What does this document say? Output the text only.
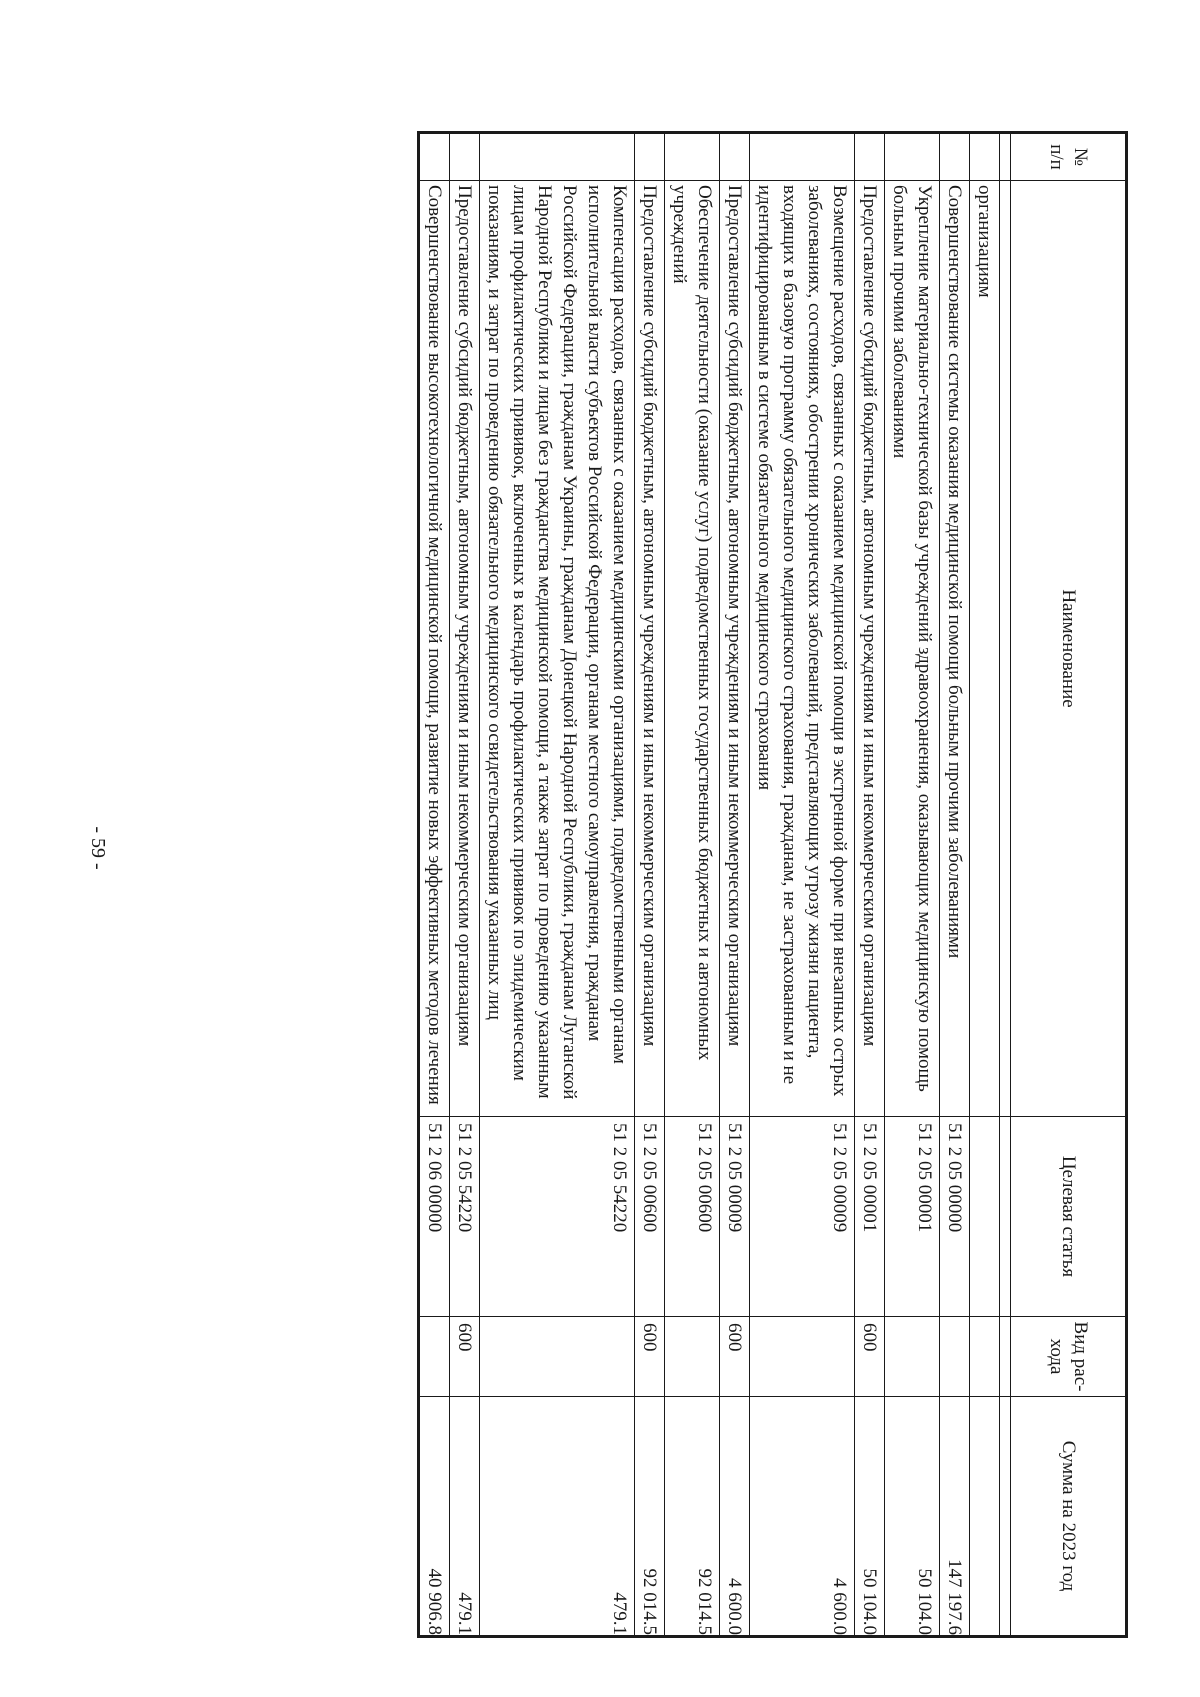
- 59 -
№ п/п	Наименование	Целевая статья	Вид рас-хода	Сумма на 2023 год

	организациям			
	Совершенствование системы оказания медицинской помощи больным прочими заболеваниями	51 2 05 00000		147 197.6
	Укрепление материально-технической базы учреждений здравоохранения, оказывающих медицинскую помощь больным прочими заболеваниями	51 2 05 00001		50 104.0
	Предоставление субсидий бюджетным, автономным учреждениям и иным некоммерческим организациям	51 2 05 00001	600	50 104.0
	Возмещение расходов, связанных с оказанием медицинской помощи в экстренной форме при внезапных острых заболеваниях, состояниях, обострении хронических заболеваний, представляющих угрозу жизни пациента, входящих в базовую программу обязательного медицинского страхования, гражданам, не застрахованным и не идентифицированным в системе обязательного медицинского страхования	51 2 05 00009		4 600.0
	Предоставление субсидий бюджетным, автономным учреждениям и иным некоммерческим организациям	51 2 05 00009	600	4 600.0
	Обеспечение деятельности (оказание услуг) подведомственных государственных бюджетных и автономных учреждений	51 2 05 00600		92 014.5
	Предоставление субсидий бюджетным, автономным учреждениям и иным некоммерческим организациям	51 2 05 00600	600	92 014.5
	Компенсация расходов, связанных с оказанием медицинскими организациями, подведомственными органам исполнительной власти субъектов Российской Федерации, органам местного самоуправления, гражданам Российской Федерации, гражданам Украины, гражданам Донецкой Народной Республики, гражданам Луганской Народной Республики и лицам без гражданства медицинской помощи, а также затрат по проведению указанным лицам профилактических прививок, включенных в календарь профилактических прививок по эпидемическим показаниям, и затрат по проведению обязательного медицинского освидетельствования указанных лиц	51 2 05 54220		479.1
	Предоставление субсидий бюджетным, автономным учреждениям и иным некоммерческим организациям	51 2 05 54220	600	479.1
	Совершенствование высокотехнологичной медицинской помощи, развитие новых эффективных методов лечения	51 2 06 00000		40 906.8
